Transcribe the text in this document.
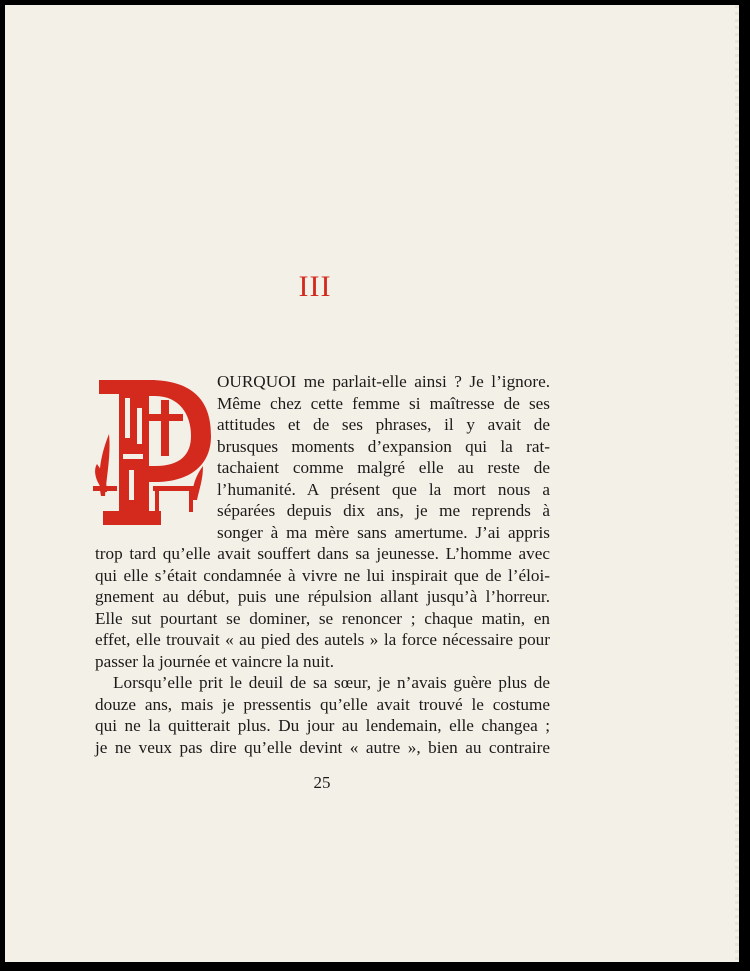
III
OURQUOI me parlait-elle ainsi ? Je l’ignore.
Même chez cette femme si maîtresse de ses
attitudes et de ses phrases, il y avait de
brusques moments d’expansion qui la rat-
tachaient comme malgré elle au reste de
l’humanité. A présent que la mort nous a
séparées depuis dix ans, je me reprends à
songer à ma mère sans amertume. J’ai appris
trop tard qu’elle avait souffert dans sa jeunesse. L’homme avec
qui elle s’était condamnée à vivre ne lui inspirait que de l’éloi-
gnement au début, puis une répulsion allant jusqu’à l’horreur.
Elle sut pourtant se dominer, se renoncer ; chaque matin, en
effet, elle trouvait « au pied des autels » la force nécessaire pour
passer la journée et vaincre la nuit.
Lorsqu’elle prit le deuil de sa sœur, je n’avais guère plus de
douze ans, mais je pressentis qu’elle avait trouvé le costume
qui ne la quitterait plus. Du jour au lendemain, elle changea ;
je ne veux pas dire qu’elle devint « autre », bien au contraire
25
